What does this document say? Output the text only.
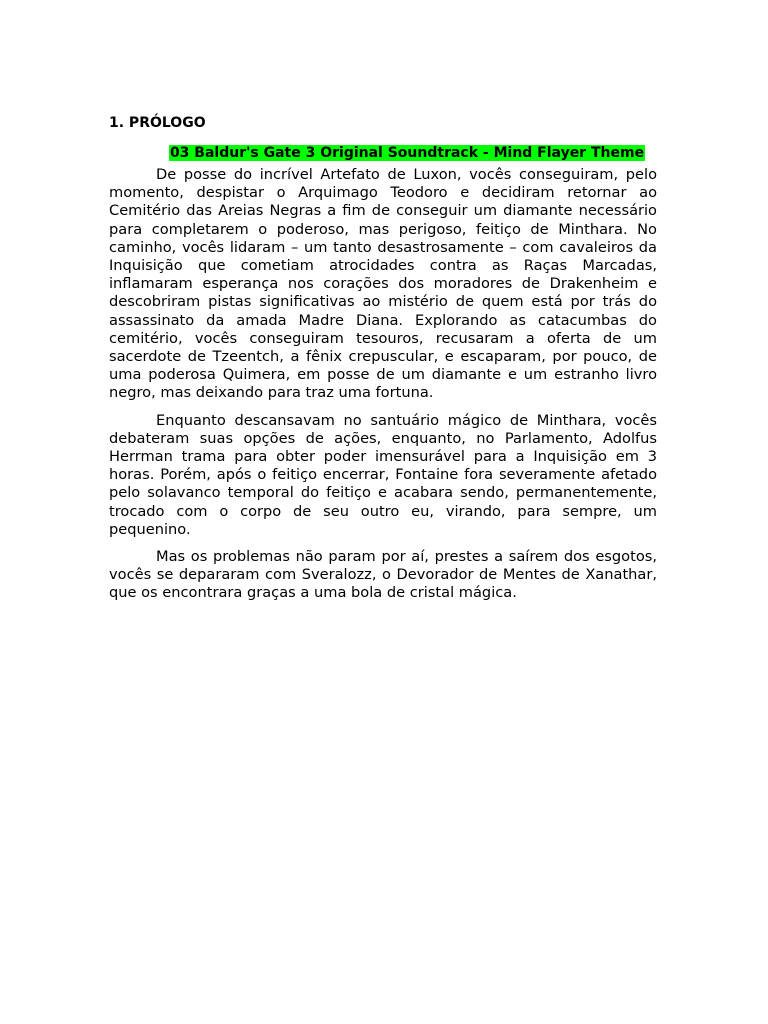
1. PRÓLOGO
03 Baldur's Gate 3 Original Soundtrack - Mind Flayer Theme

De posse do incrível Artefato de Luxon, vocês conseguiram, pelo momento, despistar o Arquimago Teodoro e decidiram retornar ao Cemitério das Areias Negras a fim de conseguir um diamante necessário para completarem o poderoso, mas perigoso, feitiço de Minthara. No caminho, vocês lidaram – um tanto desastrosamente – com cavaleiros da Inquisição que cometiam atrocidades contra as Raças Marcadas, inflamaram esperança nos corações dos moradores de Drakenheim e descobriram pistas significativas ao mistério de quem está por trás do assassinato da amada Madre Diana. Explorando as catacumbas do cemitério, vocês conseguiram tesouros, recusaram a oferta de um sacerdote de Tzeentch, a fênix crepuscular, e escaparam, por pouco, de uma poderosa Quimera, em posse de um diamante e um estranho livro negro, mas deixando para traz uma fortuna.

Enquanto descansavam no santuário mágico de Minthara, vocês debateram suas opções de ações, enquanto, no Parlamento, Adolfus Herrman trama para obter poder imensurável para a Inquisição em 3 horas. Porém, após o feitiço encerrar, Fontaine fora severamente afetado pelo solavanco temporal do feitiço e acabara sendo, permanentemente, trocado com o corpo de seu outro eu, virando, para sempre, um pequenino.

Mas os problemas não param por aí, prestes a saírem dos esgotos, vocês se depararam com Sveralozz, o Devorador de Mentes de Xanathar, que os encontrara graças a uma bola de cristal mágica.
